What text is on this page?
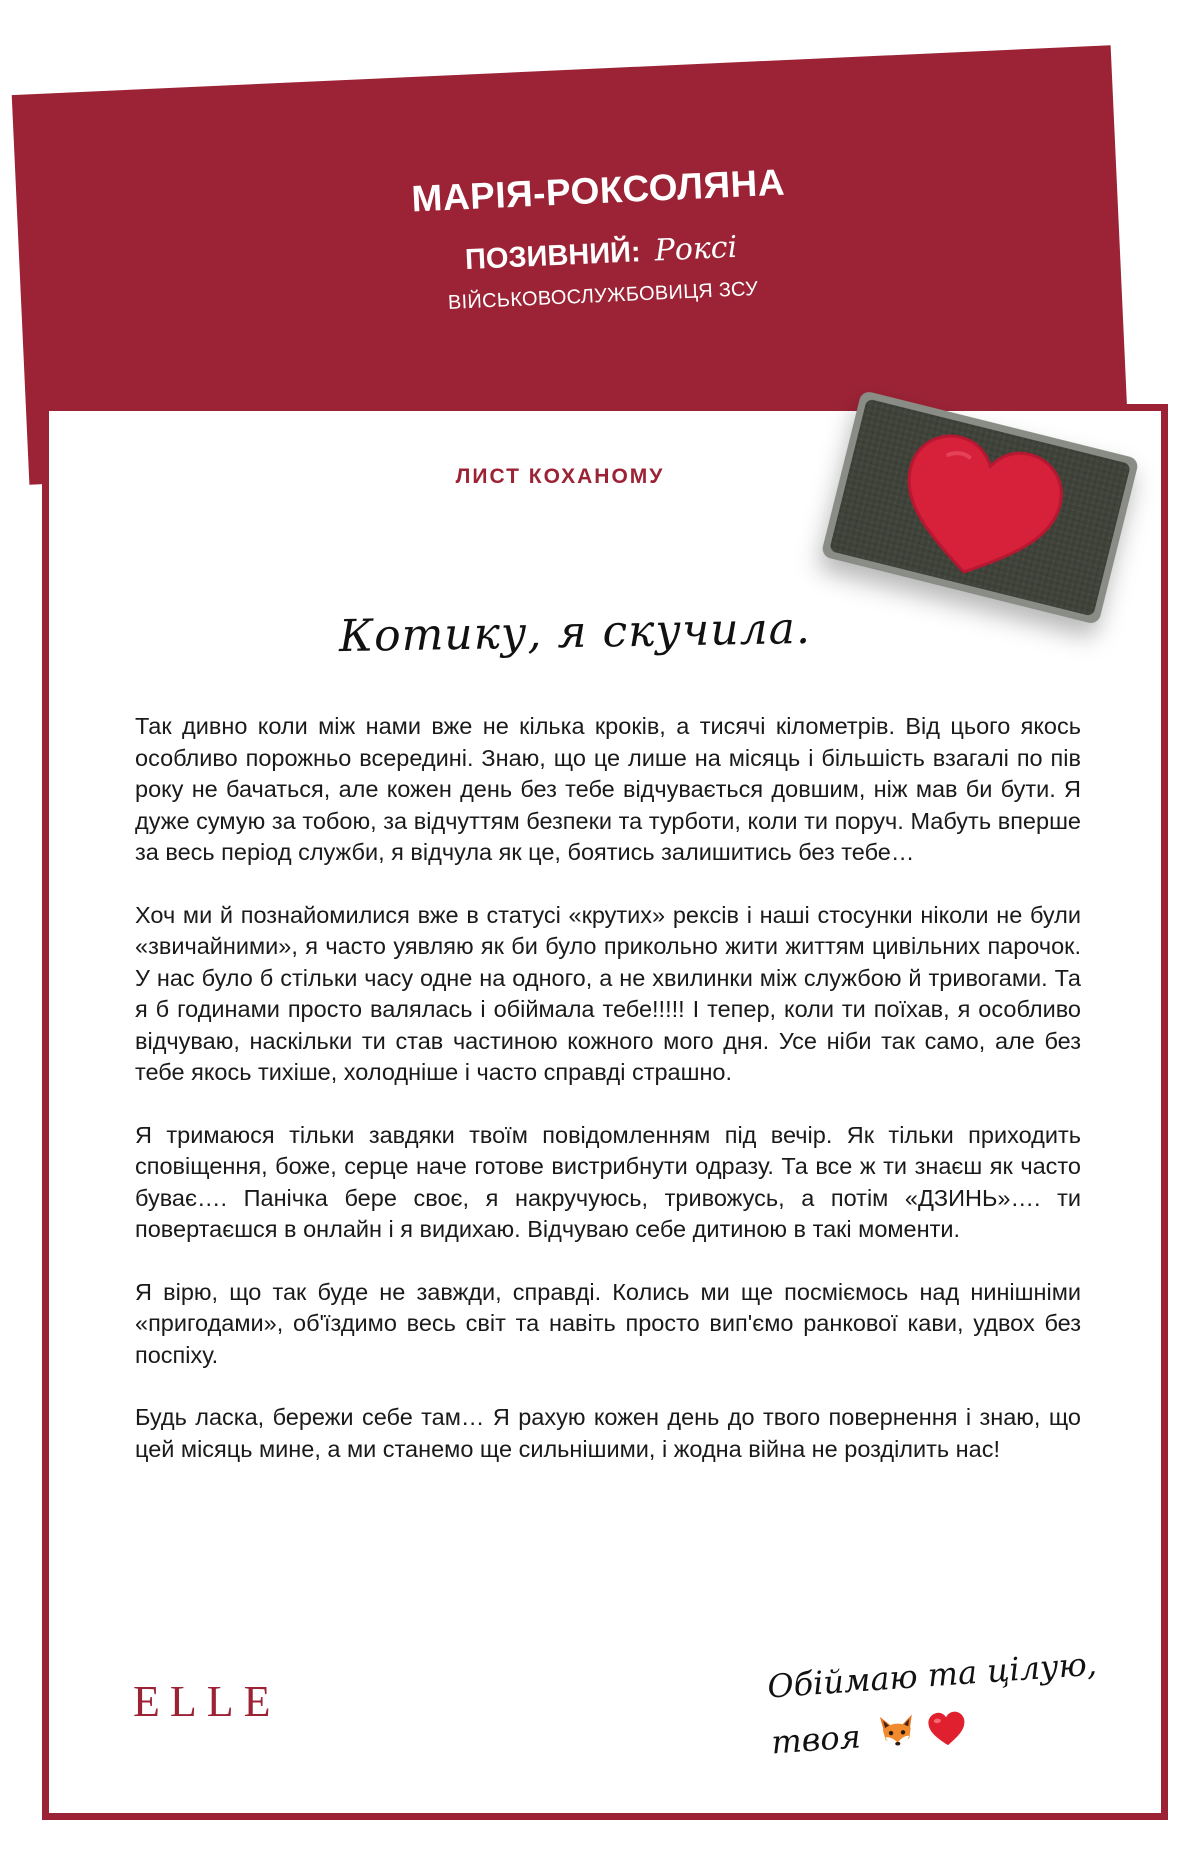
МАРІЯ-РОКСОЛЯНА
ПОЗИВНИЙ: Рокcі
ВІЙСЬКОВОСЛУЖБОВИЦЯ ЗСУ
ЛИСТ КОХАНОМУ
Котику, я скучила.

Так дивно коли між нами вже не кілька кроків, а тисячі кілометрів. Від цього якось особливо порожньо всередині. Знаю, що це лише на місяць і більшість взагалі по пів року не бачаться, але кожен день без тебе відчувається довшим, ніж мав би бути. Я дуже сумую за тобою, за відчуттям безпеки та турботи, коли ти поруч. Мабуть вперше за весь період служби, я відчула як це, боятись залишитись без тебе…

Хоч ми й познайомилися вже в статусі «крутих» рексів і наші стосунки ніколи не були «звичайними», я часто уявляю як би було прикольно жити життям цивільних парочок. У нас було б стільки часу одне на одного, а не хвилинки між службою й тривогами. Та я б годинами просто валялась і обіймала тебе!!!!! І тепер, коли ти поїхав, я особливо відчуваю, наскільки ти став частиною кожного мого дня. Усе ніби так само, але без тебе якось тихіше, холодніше і часто справді страшно.

Я тримаюся тільки завдяки твоїм повідомленням під вечір. Як тільки приходить сповіщення, боже, серце наче готове вистрибнути одразу. Та все ж ти знаєш як часто буває…. Панічка бере своє, я накручуюсь, тривожусь, а потім «ДЗИНЬ»…. ти повертаєшся в онлайн і я видихаю. Відчуваю себе дитиною в такі моменти.

Я вірю, що так буде не завжди, справді. Колись ми ще посміємось над нинішніми «пригодами», об'їздимо весь світ та навіть просто вип'ємо ранкової кави, удвох без поспіху.

Будь ласка, бережи себе там… Я рахую кожен день до твого повернення і знаю, що цей місяць мине, а ми станемо ще сильнішими, і жодна війна не розділить нас!

ELLE	Обіймаю та цілую,
твоя
